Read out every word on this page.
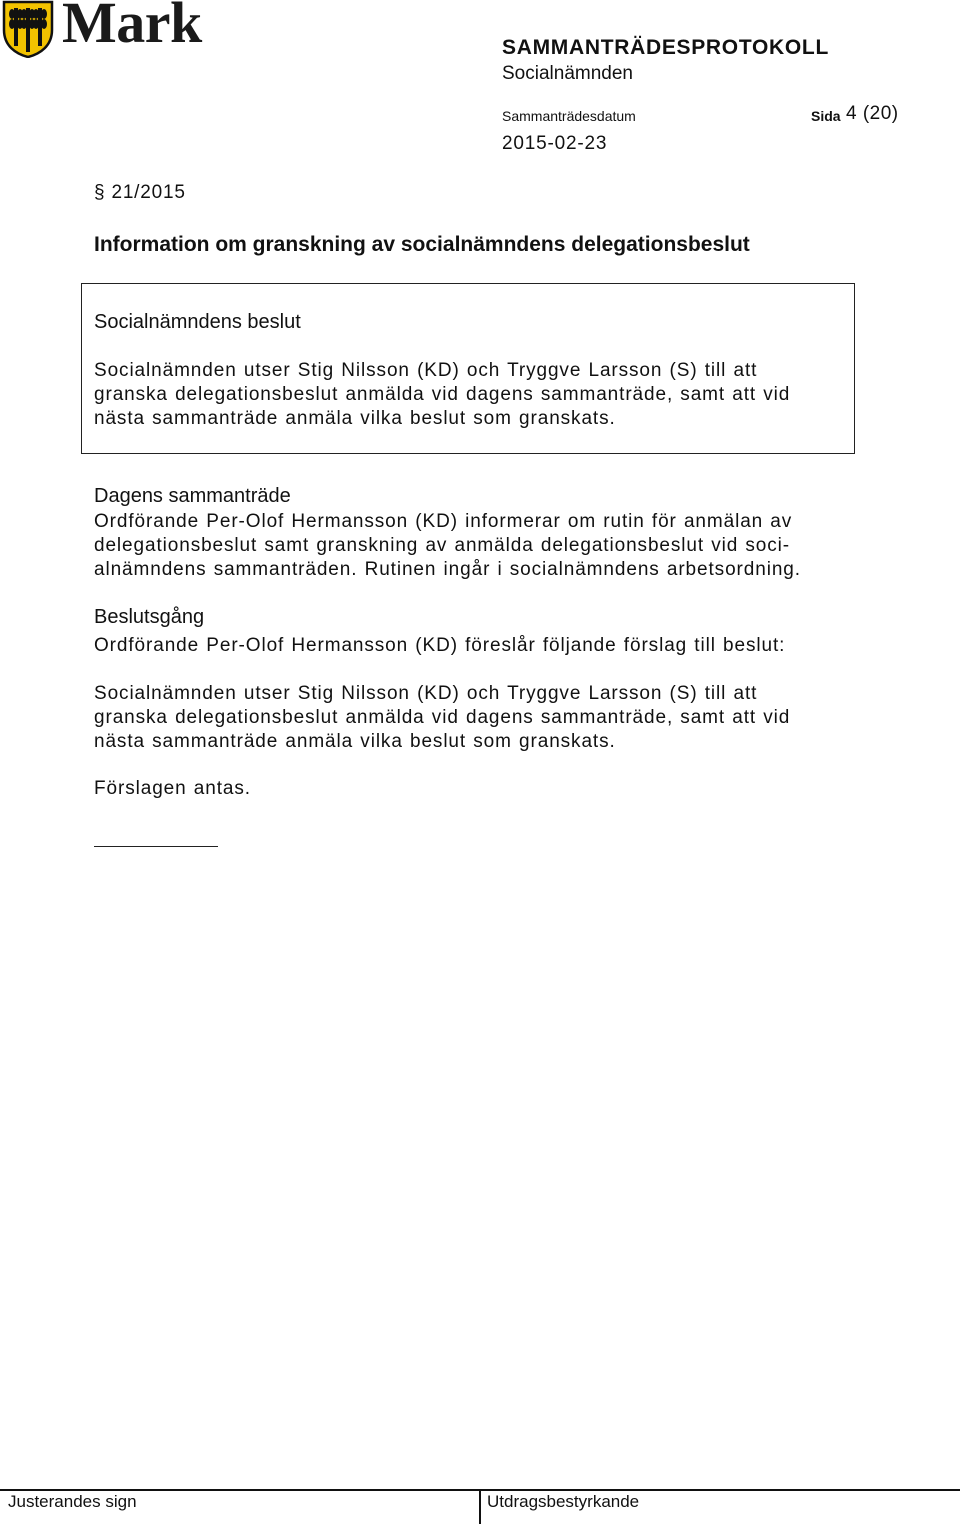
Mark	SAMMANTRÄDESPROTOKOLL
Socialnämnden
Sammanträdesdatum	Sida 4 (20)
2015-02-23
§ 21/2015
Information om granskning av socialnämndens delegationsbeslut
Socialnämndens beslut
Socialnämnden utser Stig Nilsson (KD) och Tryggve Larsson (S) till att
granska delegationsbeslut anmälda vid dagens sammanträde, samt att vid
nästa sammanträde anmäla vilka beslut som granskats.
Dagens sammanträde
Ordförande Per-Olof Hermansson (KD) informerar om rutin för anmälan av
delegationsbeslut samt granskning av anmälda delegationsbeslut vid soci-
alnämndens sammanträden. Rutinen ingår i socialnämndens arbetsordning.
Beslutsgång
Ordförande Per-Olof Hermansson (KD) föreslår följande förslag till beslut:
Socialnämnden utser Stig Nilsson (KD) och Tryggve Larsson (S) till att
granska delegationsbeslut anmälda vid dagens sammanträde, samt att vid
nästa sammanträde anmäla vilka beslut som granskats.
Förslagen antas.
Justerandes sign	Utdragsbestyrkande
